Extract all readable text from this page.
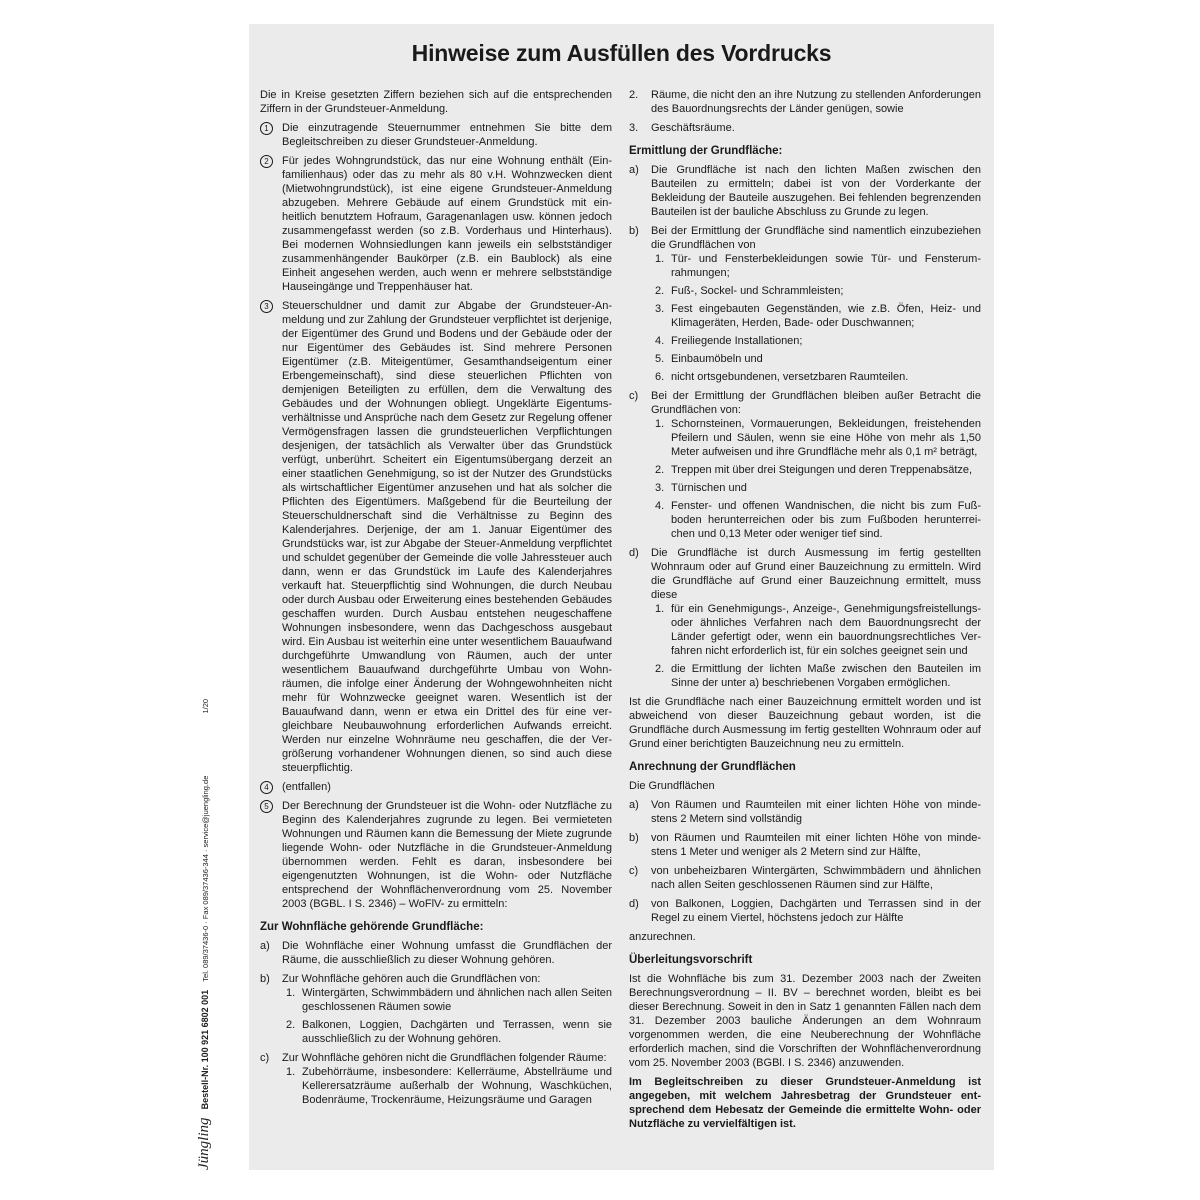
Jüngling Bestell-Nr. 100 921 6802 001 Tel. 089/37436-0 · Fax 089/37436-344 · service@juengling.de 1/20
Hinweise zum Ausfüllen des Vordrucks

Die in Kreise gesetzten Ziffern beziehen sich auf die entsprechenden Ziffern in der Grundsteuer-Anmeldung.

1	Die einzutragende Steuernummer entnehmen Sie bitte dem Begleitschreiben zu dieser Grundsteuer-Anmeldung.
2	Für jedes Wohngrundstück, das nur eine Wohnung enthält (Einfamilienhaus) oder das zu mehr als 80 v.H. Wohnzwecken dient (Mietwohngrundstück), ist eine eigene Grundsteuer-Anmeldung abzugeben. Mehrere Gebäude auf einem Grundstück mit einheitlich benutztem Hofraum, Garagenanlagen usw. können jedoch zusammengefasst werden (so z.B. Vorderhaus und Hinterhaus). Bei modernen Wohnsiedlungen kann jeweils ein selbstständiger zusammenhängender Baukörper (z.B. ein Baublock) als eine Einheit angesehen werden, auch wenn er mehrere selbstständige Hauseingänge und Treppenhäuser hat.
3	Steuerschuldner und damit zur Abgabe der Grundsteuer-Anmeldung und zur Zahlung der Grundsteuer verpflichtet ist derjenige, der Eigentümer des Grund und Bodens und der Gebäude oder der nur Eigentümer des Gebäudes ist. Sind mehrere Personen Eigentümer (z.B. Miteigentümer, Gesamthandseigentum einer Erbengemeinschaft), sind diese steuerlichen Pflichten von demjenigen Beteiligten zu erfüllen, dem die Verwaltung des Gebäudes und der Wohnungen obliegt. Ungeklärte Eigentumsverhältnisse und Ansprüche nach dem Gesetz zur Regelung offener Vermögensfragen lassen die grundsteuerlichen Verpflichtungen desjenigen, der tatsächlich als Verwalter über das Grundstück verfügt, unberührt. Scheitert ein Eigentumsübergang derzeit an einer staatlichen Genehmigung, so ist der Nutzer des Grundstücks als wirtschaftlicher Eigentümer anzusehen und hat als solcher die Pflichten des Eigentümers. Maßgebend für die Beurteilung der Steuerschuldnerschaft sind die Verhältnisse zu Beginn des Kalenderjahres. Derjenige, der am 1. Januar Eigentümer des Grundstücks war, ist zur Abgabe der Steuer-Anmeldung verpflichtet und schuldet gegenüber der Gemeinde die volle Jahressteuer auch dann, wenn er das Grundstück im Laufe des Kalenderjahres verkauft hat. Steuerpflichtig sind Wohnungen, die durch Neubau oder durch Ausbau oder Erweiterung eines bestehenden Gebäudes geschaffen wurden. Durch Ausbau entstehen neugeschaffene Wohnungen insbesondere, wenn das Dachgeschoss ausgebaut wird. Ein Ausbau ist weiterhin eine unter wesentlichem Bauaufwand durchgeführte Umwandlung von Räumen, auch der unter wesentlichem Bauaufwand durchgeführte Umbau von Wohnräumen, die infolge einer Änderung der Wohngewohnheiten nicht mehr für Wohnzwecke geeignet waren. Wesentlich ist der Bauaufwand dann, wenn er etwa ein Drittel des für eine vergleichbare Neubauwohnung erforderlichen Aufwands erreicht. Werden nur einzelne Wohnräume neu geschaffen, die der Vergrößerung vorhandener Wohnungen dienen, so sind auch diese steuerpflichtig.
4	(entfallen)
5	Der Berechnung der Grundsteuer ist die Wohn- oder Nutzfläche zu Beginn des Kalenderjahres zugrunde zu legen. Bei vermieteten Wohnungen und Räumen kann die Bemessung der Miete zugrunde liegende Wohn- oder Nutzfläche in die Grundsteuer-Anmeldung übernommen werden. Fehlt es daran, insbesondere bei eigengenutzten Wohnungen, ist die Wohn- oder Nutzfläche entsprechend der Wohnflächenverordnung vom 25. November 2003 (BGBL. I S. 2346) – WoFlV- zu ermitteln:
Zur Wohnfläche gehörende Grundfläche:
a) Die Wohnfläche einer Wohnung umfasst die Grundflächen der Räume, die ausschließlich zu dieser Wohnung gehören.
b) Zur Wohnfläche gehören auch die Grundflächen von:
1. Wintergärten, Schwimmbädern und ähnlichen nach allen Seiten geschlossenen Räumen sowie
2. Balkonen, Loggien, Dachgärten und Terrassen, wenn sie ausschließlich zu der Wohnung gehören.
c) Zur Wohnfläche gehören nicht die Grundflächen folgender Räume:
1. Zubehörräume, insbesondere: Kellerräume, Abstellräume und Kellerersatzräume außerhalb der Wohnung, Waschküchen, Bodenräume, Trockenräume, Heizungsräume und Garagen
2. Räume, die nicht den an ihre Nutzung zu stellenden Anforderungen des Bauordnungsrechts der Länder genügen, sowie
3. Geschäftsräume.
Ermittlung der Grundfläche:
a) Die Grundfläche ist nach den lichten Maßen zwischen den Bauteilen zu ermitteln; dabei ist von der Vorderkante der Bekleidung der Bauteile auszugehen. Bei fehlenden begrenzenden Bauteilen ist der bauliche Abschluss zu Grunde zu legen.
b) Bei der Ermittlung der Grundfläche sind namentlich einzubeziehen die Grundflächen von
1. Tür- und Fensterbekleidungen sowie Tür- und Fensterumrahmungen;
2. Fuß-, Sockel- und Schrammleisten;
3. Fest eingebauten Gegenständen, wie z.B. Öfen, Heiz- und Klimageräten, Herden, Bade- oder Duschwannen;
4. Freiliegende Installationen;
5. Einbaumöbeln und
6. nicht ortsgebundenen, versetzbaren Raumteilen.
c) Bei der Ermittlung der Grundflächen bleiben außer Betracht die Grundflächen von:
1. Schornsteinen, Vormauerungen, Bekleidungen, freistehenden Pfeilern und Säulen, wenn sie eine Höhe von mehr als 1,50 Meter aufweisen und ihre Grundfläche mehr als 0,1 m² beträgt,
2. Treppen mit über drei Steigungen und deren Treppenabsätze,
3. Türnischen und
4. Fenster- und offenen Wandnischen, die nicht bis zum Fußboden herunterreichen oder bis zum Fußboden herunterreichen und 0,13 Meter oder weniger tief sind.
d) Die Grundfläche ist durch Ausmessung im fertig gestellten Wohnraum oder auf Grund einer Bauzeichnung zu ermitteln. Wird die Grundfläche auf Grund einer Bauzeichnung ermittelt, muss diese
1. für ein Genehmigungs-, Anzeige-, Genehmigungsfreistellungs- oder ähnliches Verfahren nach dem Bauordnungsrecht der Länder gefertigt oder, wenn ein bauordnungsrechtliches Verfahren nicht erforderlich ist, für ein solches geeignet sein und
2. die Ermittlung der lichten Maße zwischen den Bauteilen im Sinne der unter a) beschriebenen Vorgaben ermöglichen.

Ist die Grundfläche nach einer Bauzeichnung ermittelt worden und ist abweichend von dieser Bauzeichnung gebaut worden, ist die Grundfläche durch Ausmessung im fertig gestellten Wohnraum oder auf Grund einer berichtigten Bauzeichnung neu zu ermitteln.

Anrechnung der Grundflächen

Die Grundflächen

a) Von Räumen und Raumteilen mit einer lichten Höhe von mindestens 2 Metern sind vollständig
b) von Räumen und Raumteilen mit einer lichten Höhe von mindestens 1 Meter und weniger als 2 Metern sind zur Hälfte,
c) von unbeheizbaren Wintergärten, Schwimmbädern und ähnlichen nach allen Seiten geschlossenen Räumen sind zur Hälfte,
d) von Balkonen, Loggien, Dachgärten und Terrassen sind in der Regel zu einem Viertel, höchstens jedoch zur Hälfte

anzurechnen.

Überleitungsvorschrift

Ist die Wohnfläche bis zum 31. Dezember 2003 nach der Zweiten Berechnungsverordnung – II. BV – berechnet worden, bleibt es bei dieser Berechnung. Soweit in den in Satz 1 genannten Fällen nach dem 31. Dezember 2003 bauliche Änderungen an dem Wohnraum vorgenommen werden, die eine Neuberechnung der Wohnfläche erforderlich machen, sind die Vorschriften der Wohnflächenverordnung vom 25. November 2003 (BGBl. I S. 2346) anzuwenden.

Im Begleitschreiben zu dieser Grundsteuer-Anmeldung ist angegeben, mit welchem Jahresbetrag der Grundsteuer entsprechend dem Hebesatz der Gemeinde die ermittelte Wohn- oder Nutzfläche zu vervielfältigen ist.
